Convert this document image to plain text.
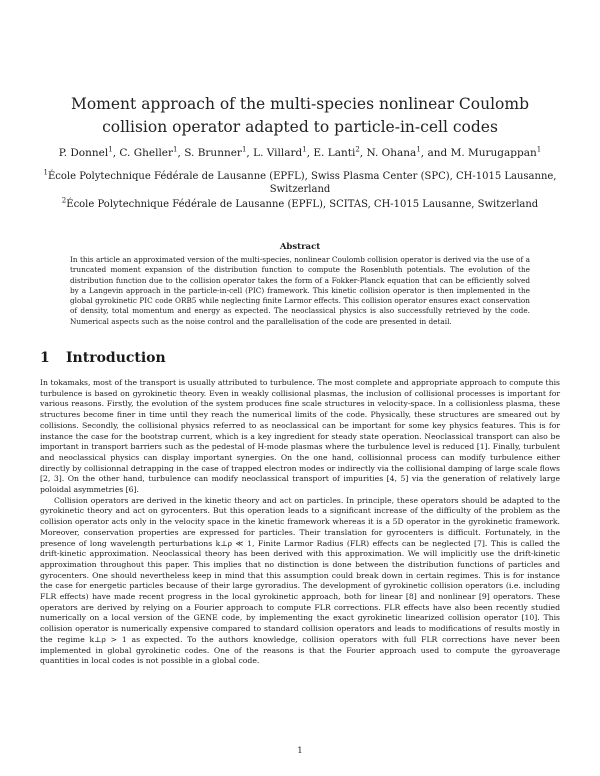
Moment approach of the multi-species nonlinear Coulomb collision operator adapted to particle-in-cell codes
P. Donnel$^1$, C. Gheller$^1$, S. Brunner$^1$, L. Villard$^1$, E. Lanti$^2$, N. Ohana$^1$, and M. Murugappan$^1$
$^1$École Polytechnique Fédérale de Lausanne (EPFL), Swiss Plasma Center (SPC), CH-1015 Lausanne, Switzerland
$^2$École Polytechnique Fédérale de Lausanne (EPFL), SCITAS, CH-1015 Lausanne, Switzerland
Abstract
In this article an approximated version of the multi-species, nonlinear Coulomb collision operator is derived via the use of a truncated moment expansion of the distribution function to compute the Rosenbluth potentials. The evolution of the distribution function due to the collision operator takes the form of a Fokker-Planck equation that can be efficiently solved by a Langevin approach in the particle-in-cell (PIC) framework. This kinetic collision operator is then implemented in the global gyrokinetic PIC code ORB5 while neglecting finite Larmor effects. This collision operator ensures exact conservation of density, total momentum and energy as expected. The neoclassical physics is also successfully retrieved by the code. Numerical aspects such as the noise control and the parallelisation of the code are presented in detail.
1 Introduction

In tokamaks, most of the transport is usually attributed to turbulence. The most complete and appropriate approach to compute this turbulence is based on gyrokinetic theory. Even in weakly collisional plasmas, the inclusion of collisional processes is important for various reasons. Firstly, the evolution of the system produces fine scale structures in velocity-space. In a collisionless plasma, these structures become finer in time until they reach the numerical limits of the code. Physically, these structures are smeared out by collisions. Secondly, the collisional physics referred to as neoclassical can be important for some key physics features. This is for instance the case for the bootstrap current, which is a key ingredient for steady state operation. Neoclassical transport can also be important in transport barriers such as the pedestal of H-mode plasmas where the turbulence level is reduced [1]. Finally, turbulent and neoclassical physics can display important synergies. On the one hand, collisionnal process can modify turbulence either directly by collisionnal detrapping in the case of trapped electron modes or indirectly via the collisional damping of large scale flows [2, 3]. On the other hand, turbulence can modify neoclassical transport of impurities [4, 5] via the generation of relatively large poloidal asymmetries [6].

Collision operators are derived in the kinetic theory and act on particles. In principle, these operators should be adapted to the gyrokinetic theory and act on gyrocenters. But this operation leads to a significant increase of the difficulty of the problem as the collision operator acts only in the velocity space in the kinetic framework whereas it is a 5D operator in the gyrokinetic framework. Moreover, conservation properties are expressed for particles. Their translation for gyrocenters is difficult. Fortunately, in the presence of long wavelength perturbations k⊥ρ ≪ 1, Finite Larmor Radius (FLR) effects can be neglected [7]. This is called the drift-kinetic approximation. Neoclassical theory has been derived with this approximation. We will implicitly use the drift-kinetic approximation throughout this paper. This implies that no distinction is done between the distribution functions of particles and gyrocenters. One should nevertheless keep in mind that this assumption could break down in certain regimes. This is for instance the case for energetic particles because of their large gyroradius. The development of gyrokinetic collision operators (i.e. including FLR effects) have made recent progress in the local gyrokinetic approach, both for linear [8] and nonlinear [9] operators. These operators are derived by relying on a Fourier approach to compute FLR corrections. FLR effects have also been recently studied numerically on a local version of the GENE code, by implementing the exact gyrokinetic linearized collision operator [10]. This collision operator is numerically expensive compared to standard collision operators and leads to modifications of results mostly in the regime k⊥ρ > 1 as expected. To the authors knowledge, collision operators with full FLR corrections have never been implemented in global gyrokinetic codes. One of the reasons is that the Fourier approach used to compute the gyroaverage quantities in local codes is not possible in a global code.

1
